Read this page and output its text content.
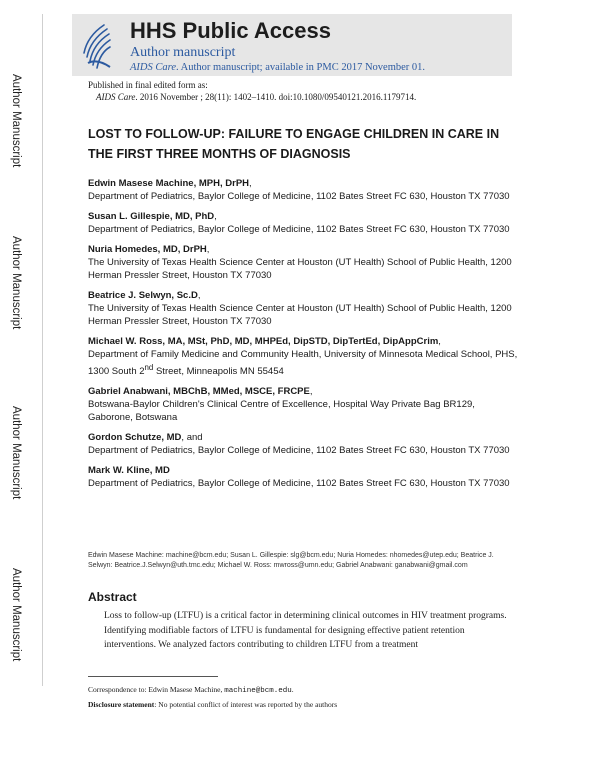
Author Manuscript
Author Manuscript
Author Manuscript
Author Manuscript
HHS Public Access
Author manuscript
AIDS Care. Author manuscript; available in PMC 2017 November 01.
Published in final edited form as:
AIDS Care. 2016 November ; 28(11): 1402–1410. doi:10.1080/09540121.2016.1179714.
LOST TO FOLLOW-UP: FAILURE TO ENGAGE CHILDREN IN CARE IN THE FIRST THREE MONTHS OF DIAGNOSIS
Edwin Masese Machine, MPH, DrPH,
Department of Pediatrics, Baylor College of Medicine, 1102 Bates Street FC 630, Houston TX 77030
Susan L. Gillespie, MD, PhD,
Department of Pediatrics, Baylor College of Medicine, 1102 Bates Street FC 630, Houston TX 77030
Nuria Homedes, MD, DrPH,
The University of Texas Health Science Center at Houston (UT Health) School of Public Health, 1200 Herman Pressler Street, Houston TX 77030
Beatrice J. Selwyn, Sc.D,
The University of Texas Health Science Center at Houston (UT Health) School of Public Health, 1200 Herman Pressler Street, Houston TX 77030
Michael W. Ross, MA, MSt, PhD, MD, MHPEd, DipSTD, DipTertEd, DipAppCrim,
Department of Family Medicine and Community Health, University of Minnesota Medical School, PHS, 1300 South 2nd Street, Minneapolis MN 55454
Gabriel Anabwani, MBChB, MMed, MSCE, FRCPE,
Botswana-Baylor Children's Clinical Centre of Excellence, Hospital Way Private Bag BR129, Gaborone, Botswana
Gordon Schutze, MD, and
Department of Pediatrics, Baylor College of Medicine, 1102 Bates Street FC 630, Houston TX 77030
Mark W. Kline, MD
Department of Pediatrics, Baylor College of Medicine, 1102 Bates Street FC 630, Houston TX 77030
Edwin Masese Machine: machine@bcm.edu; Susan L. Gillespie: slg@bcm.edu; Nuria Homedes: nhomedes@utep.edu; Beatrice J. Selwyn: Beatrice.J.Selwyn@uth.tmc.edu; Michael W. Ross: mwross@umn.edu; Gabriel Anabwani: ganabwani@gmail.com
Abstract
Loss to follow-up (LTFU) is a critical factor in determining clinical outcomes in HIV treatment programs. Identifying modifiable factors of LTFU is fundamental for designing effective patient retention interventions. We analyzed factors contributing to children LTFU from a treatment
Correspondence to: Edwin Masese Machine, machine@bcm.edu.
Disclosure statement: No potential conflict of interest was reported by the authors
